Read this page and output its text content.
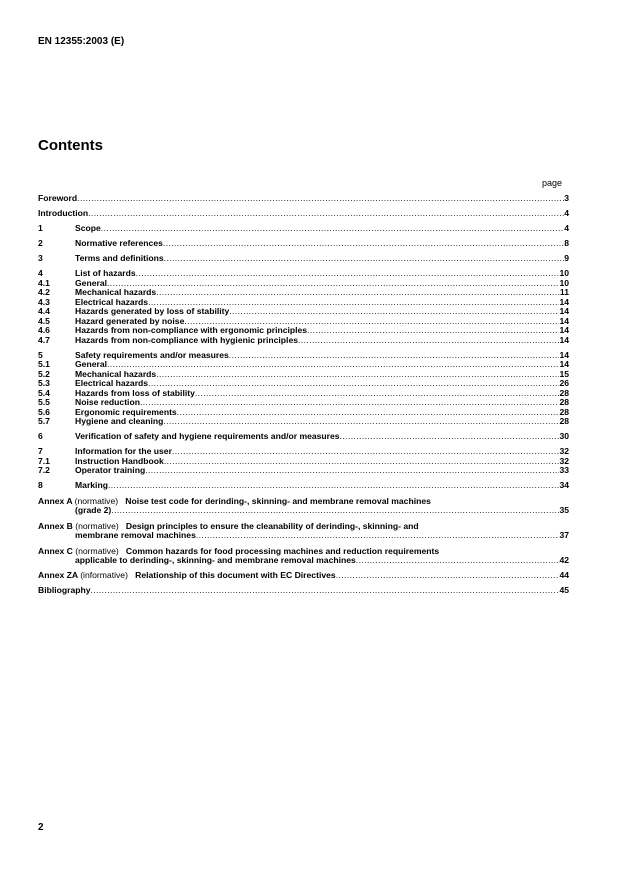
EN 12355:2003 (E)
Contents
page
Foreword .....	3
Introduction .....	4
1	Scope .....	4
2	Normative references .....	8
3	Terms and definitions .....	9
4	List of hazards .....	10
4.1	General .....	10
4.2	Mechanical hazards .....	11
4.3	Electrical hazards .....	14
4.4	Hazards generated by loss of stability .....	14
4.5	Hazard generated by noise .....	14
4.6	Hazards from non-compliance with ergonomic principles .....	14
4.7	Hazards from non-compliance with hygienic principles .....	14
5	Safety requirements and/or measures .....	14
5.1	General .....	14
5.2	Mechanical hazards .....	15
5.3	Electrical hazards .....	26
5.4	Hazards from loss of stability .....	28
5.5	Noise reduction .....	28
5.6	Ergonomic requirements .....	28
5.7	Hygiene and cleaning .....	28
6	Verification of safety and hygiene requirements and/or measures .....	30
7	Information for the user .....	32
7.1	Instruction Handbook .....	32
7.2	Operator training .....	33
8	Marking .....	34
Annex A (normative) Noise test code for derinding-, skinning- and membrane removal machines
(grade 2) .....	35
Annex B (normative) Design principles to ensure the cleanability of derinding-, skinning- and
membrane removal machines .....	37
Annex C (normative) Common hazards for food processing machines and reduction requirements
applicable to derinding-, skinning- and membrane removal machines .....	42
Annex ZA (informative) Relationship of this document with EC Directives .....	44
Bibliography .....	45
2
